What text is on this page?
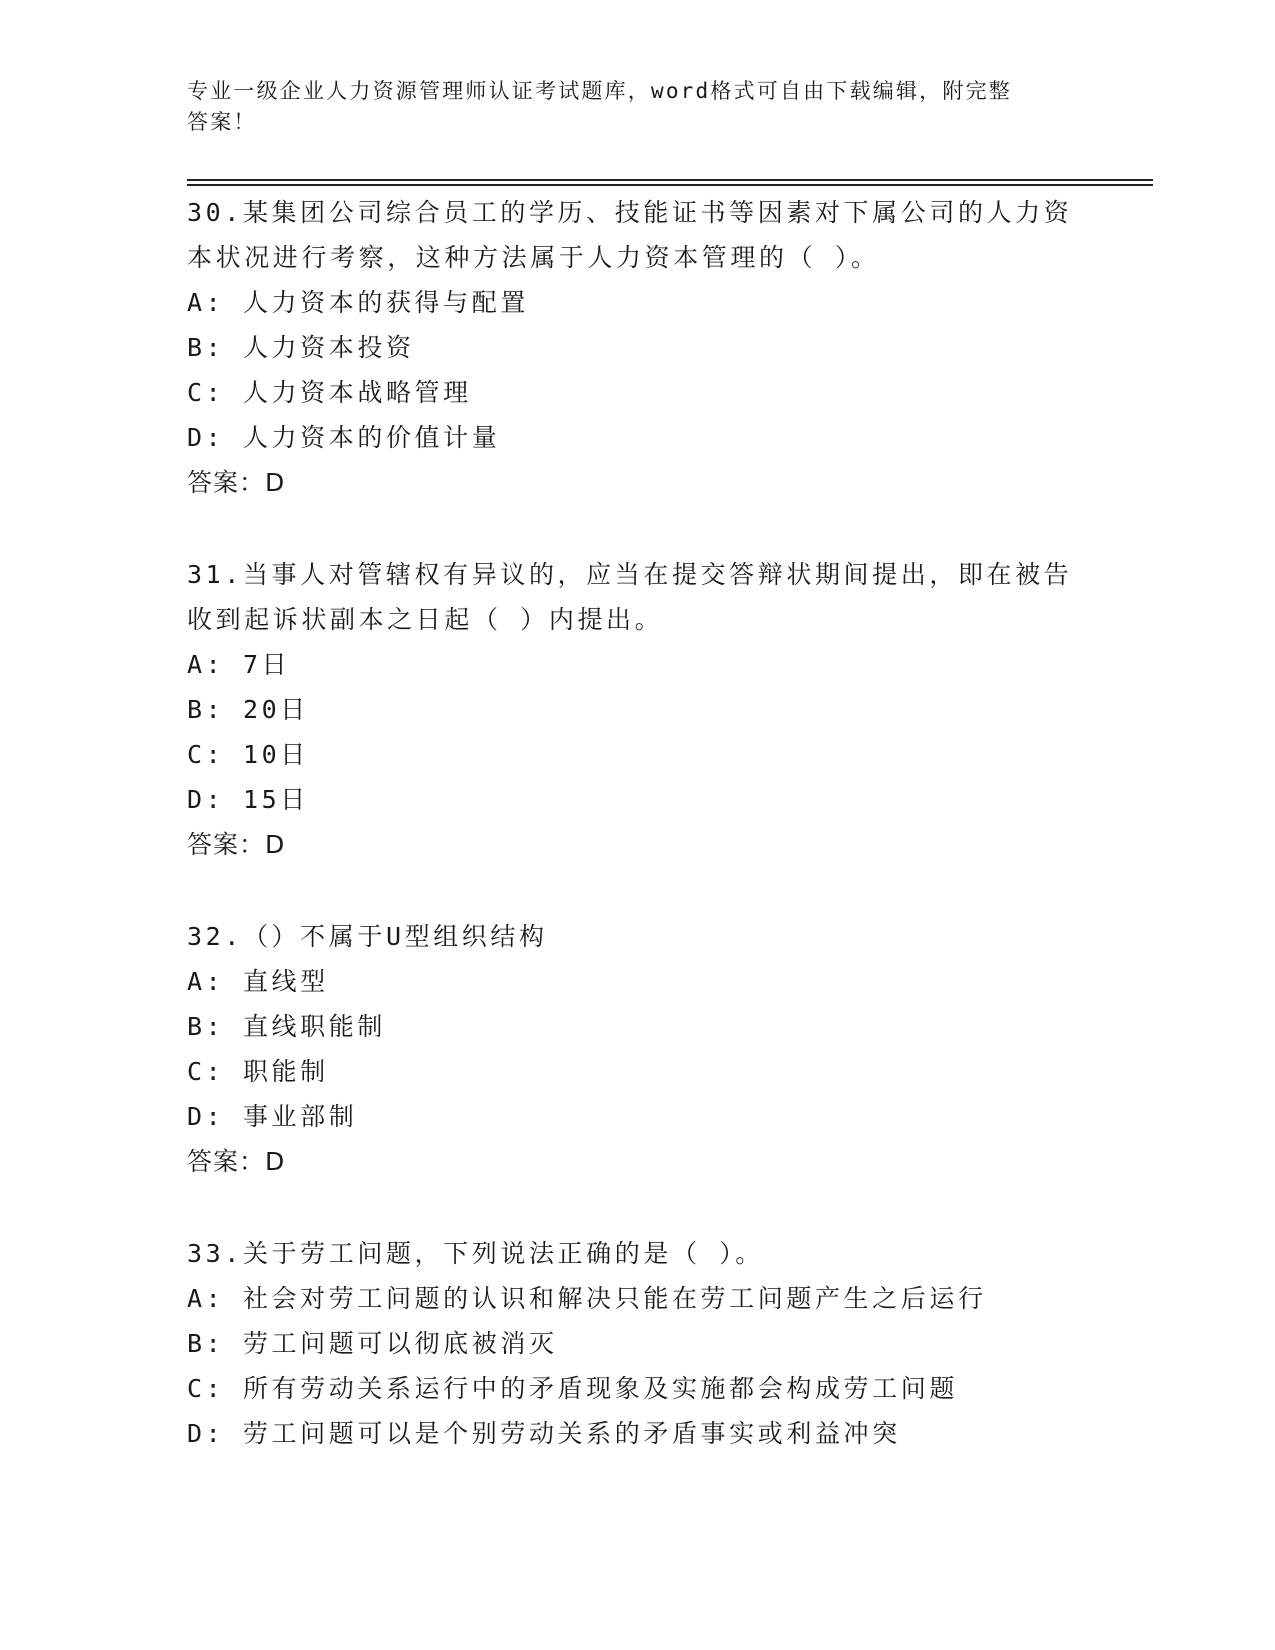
专业一级企业人力资源管理师认证考试题库，word格式可自由下载编辑，附完整
答案！
30.某集团公司综合员工的学历、技能证书等因素对下属公司的人力资
本状况进行考察，这种方法属于人力资本管理的（ ）。
A: 人力资本的获得与配置
B: 人力资本投资
C: 人力资本战略管理
D: 人力资本的价值计量
答案：D
31.当事人对管辖权有异议的，应当在提交答辩状期间提出，即在被告
收到起诉状副本之日起（ ）内提出。
A: 7日
B: 20日
C: 10日
D: 15日
答案：D
32.（）不属于U型组织结构
A: 直线型
B: 直线职能制
C: 职能制
D: 事业部制
答案：D
33.关于劳工问题，下列说法正确的是（ ）。
A: 社会对劳工问题的认识和解决只能在劳工问题产生之后运行
B: 劳工问题可以彻底被消灭
C: 所有劳动关系运行中的矛盾现象及实施都会构成劳工问题
D: 劳工问题可以是个别劳动关系的矛盾事实或利益冲突
